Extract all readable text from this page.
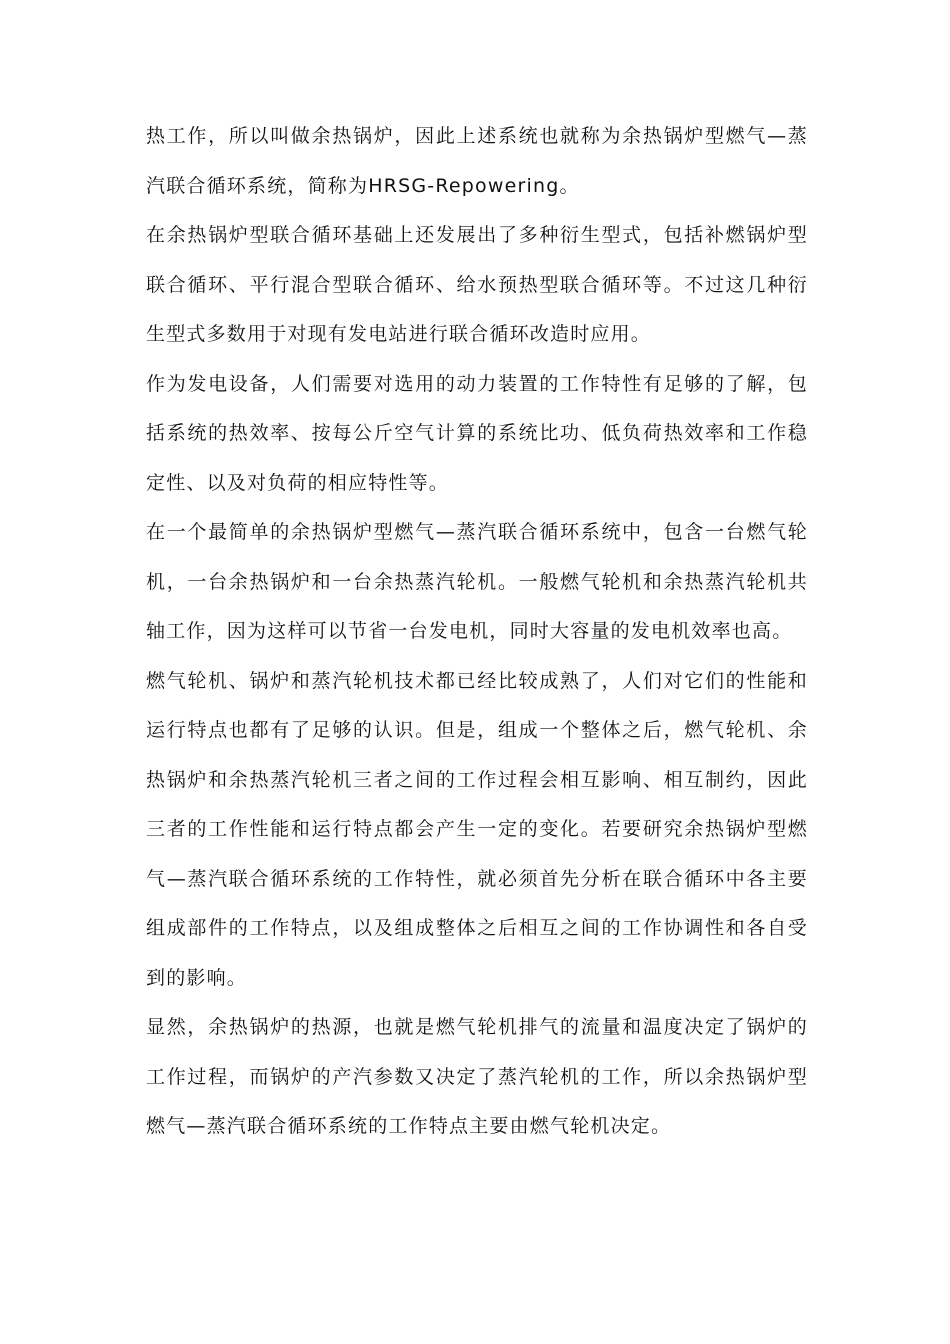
热工作，所以叫做余热锅炉，因此上述系统也就称为余热锅炉型燃气—蒸汽联合循环系统，简称为HRSG-Repowering。

在余热锅炉型联合循环基础上还发展出了多种衍生型式，包括补燃锅炉型联合循环、平行混合型联合循环、给水预热型联合循环等。不过这几种衍生型式多数用于对现有发电站进行联合循环改造时应用。

作为发电设备，人们需要对选用的动力装置的工作特性有足够的了解，包括系统的热效率、按每公斤空气计算的系统比功、低负荷热效率和工作稳定性、以及对负荷的相应特性等。

在一个最简单的余热锅炉型燃气—蒸汽联合循环系统中，包含一台燃气轮机，一台余热锅炉和一台余热蒸汽轮机。一般燃气轮机和余热蒸汽轮机共轴工作，因为这样可以节省一台发电机，同时大容量的发电机效率也高。

燃气轮机、锅炉和蒸汽轮机技术都已经比较成熟了，人们对它们的性能和运行特点也都有了足够的认识。但是，组成一个整体之后，燃气轮机、余热锅炉和余热蒸汽轮机三者之间的工作过程会相互影响、相互制约，因此三者的工作性能和运行特点都会产生一定的变化。若要研究余热锅炉型燃气—蒸汽联合循环系统的工作特性，就必须首先分析在联合循环中各主要组成部件的工作特点，以及组成整体之后相互之间的工作协调性和各自受到的影响。

显然，余热锅炉的热源，也就是燃气轮机排气的流量和温度决定了锅炉的工作过程，而锅炉的产汽参数又决定了蒸汽轮机的工作，所以余热锅炉型燃气—蒸汽联合循环系统的工作特点主要由燃气轮机决定。
